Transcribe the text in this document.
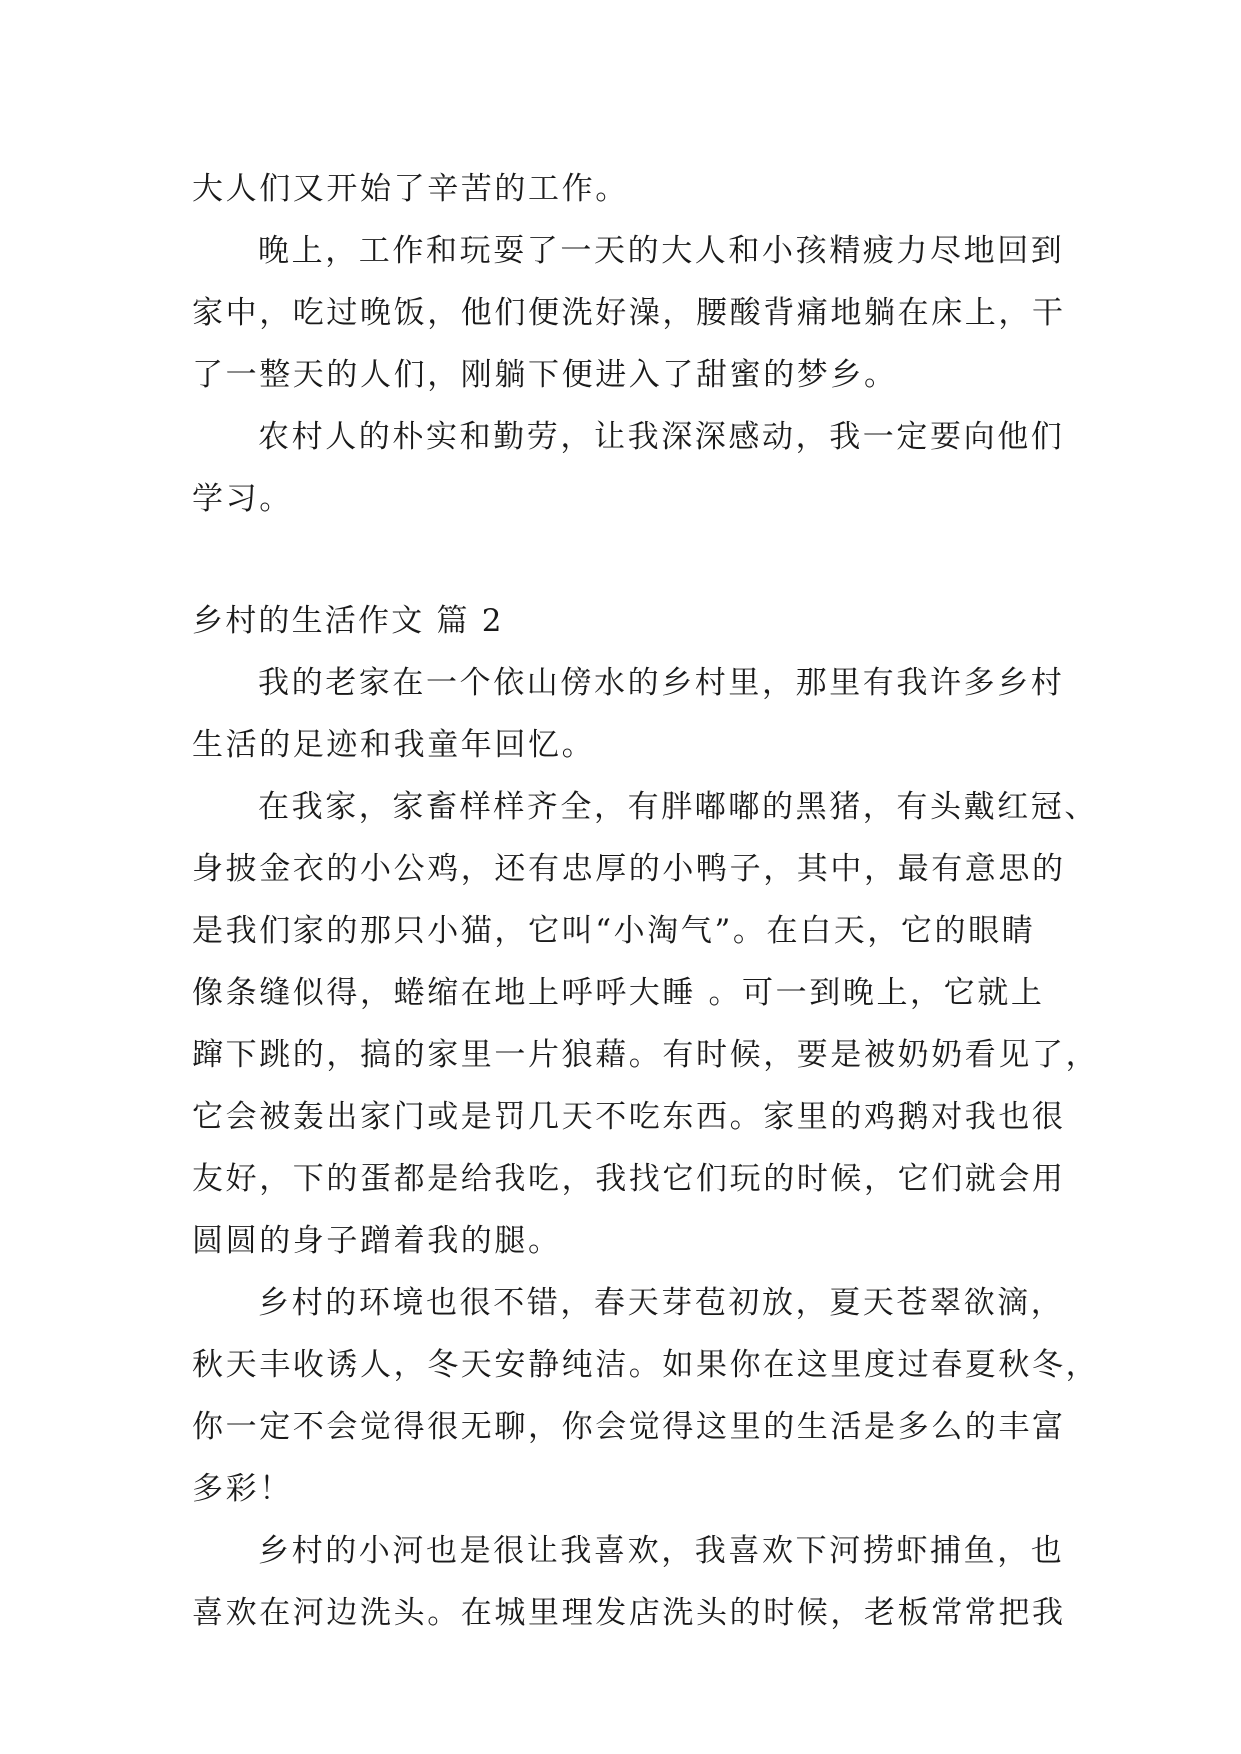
大人们又开始了辛苦的工作。
晚上，工作和玩耍了一天的大人和小孩精疲力尽地回到
家中，吃过晚饭，他们便洗好澡，腰酸背痛地躺在床上，干
了一整天的人们，刚躺下便进入了甜蜜的梦乡。
农村人的朴实和勤劳，让我深深感动，我一定要向他们
学习。
乡村的生活作文 篇 2
我的老家在一个依山傍水的乡村里，那里有我许多乡村
生活的足迹和我童年回忆。
在我家，家畜样样齐全，有胖嘟嘟的黑猪，有头戴红冠、
身披金衣的小公鸡，还有忠厚的小鸭子，其中，最有意思的
是我们家的那只小猫，它叫“小淘气”。在白天，它的眼睛
像条缝似得，蜷缩在地上呼呼大睡 。可一到晚上，它就上
蹿下跳的，搞的家里一片狼藉。有时候，要是被奶奶看见了，
它会被轰出家门或是罚几天不吃东西。家里的鸡鹅对我也很
友好，下的蛋都是给我吃，我找它们玩的时候，它们就会用
圆圆的身子蹭着我的腿。
乡村的环境也很不错，春天芽苞初放，夏天苍翠欲滴，
秋天丰收诱人，冬天安静纯洁。如果你在这里度过春夏秋冬，
你一定不会觉得很无聊，你会觉得这里的生活是多么的丰富
多彩！
乡村的小河也是很让我喜欢，我喜欢下河捞虾捕鱼，也
喜欢在河边洗头。在城里理发店洗头的时候，老板常常把我
